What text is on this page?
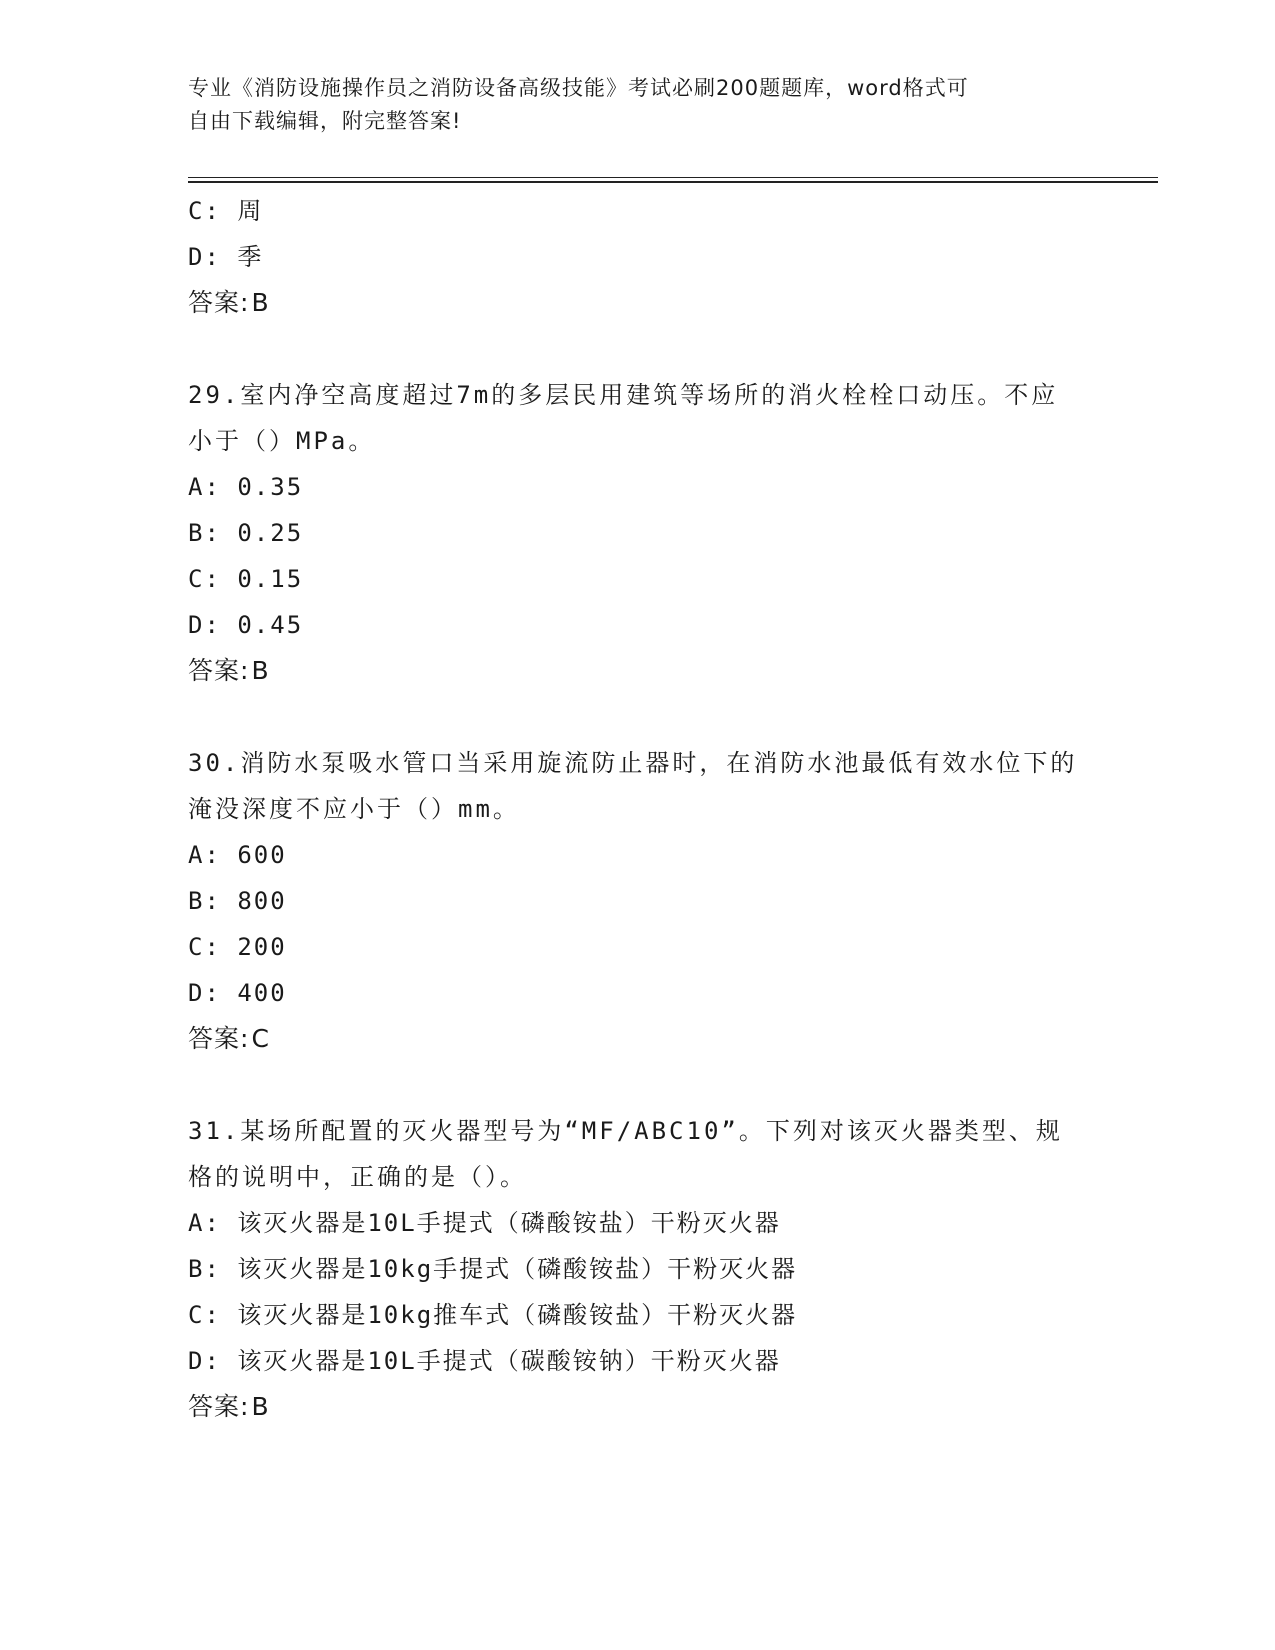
专业《消防设施操作员之消防设备高级技能》考试必刷200题题库，word格式可
自由下载编辑，附完整答案!
C: 周
D: 季
答案:B
29.室内净空高度超过7m的多层民用建筑等场所的消火栓栓口动压。不应小于（）MPa。
A: 0.35
B: 0.25
C: 0.15
D: 0.45
答案:B
30.消防水泵吸水管口当采用旋流防止器时，在消防水池最低有效水位下的淹没深度不应小于（）mm。
A: 600
B: 800
C: 200
D: 400
答案:C
31.某场所配置的灭火器型号为“MF/ABC10”。下列对该灭火器类型、规格的说明中，正确的是（）。
A: 该灭火器是10L手提式（磷酸铵盐）干粉灭火器
B: 该灭火器是10kg手提式（磷酸铵盐）干粉灭火器
C: 该灭火器是10kg推车式（磷酸铵盐）干粉灭火器
D: 该灭火器是10L手提式（碳酸铵钠）干粉灭火器
答案:B
